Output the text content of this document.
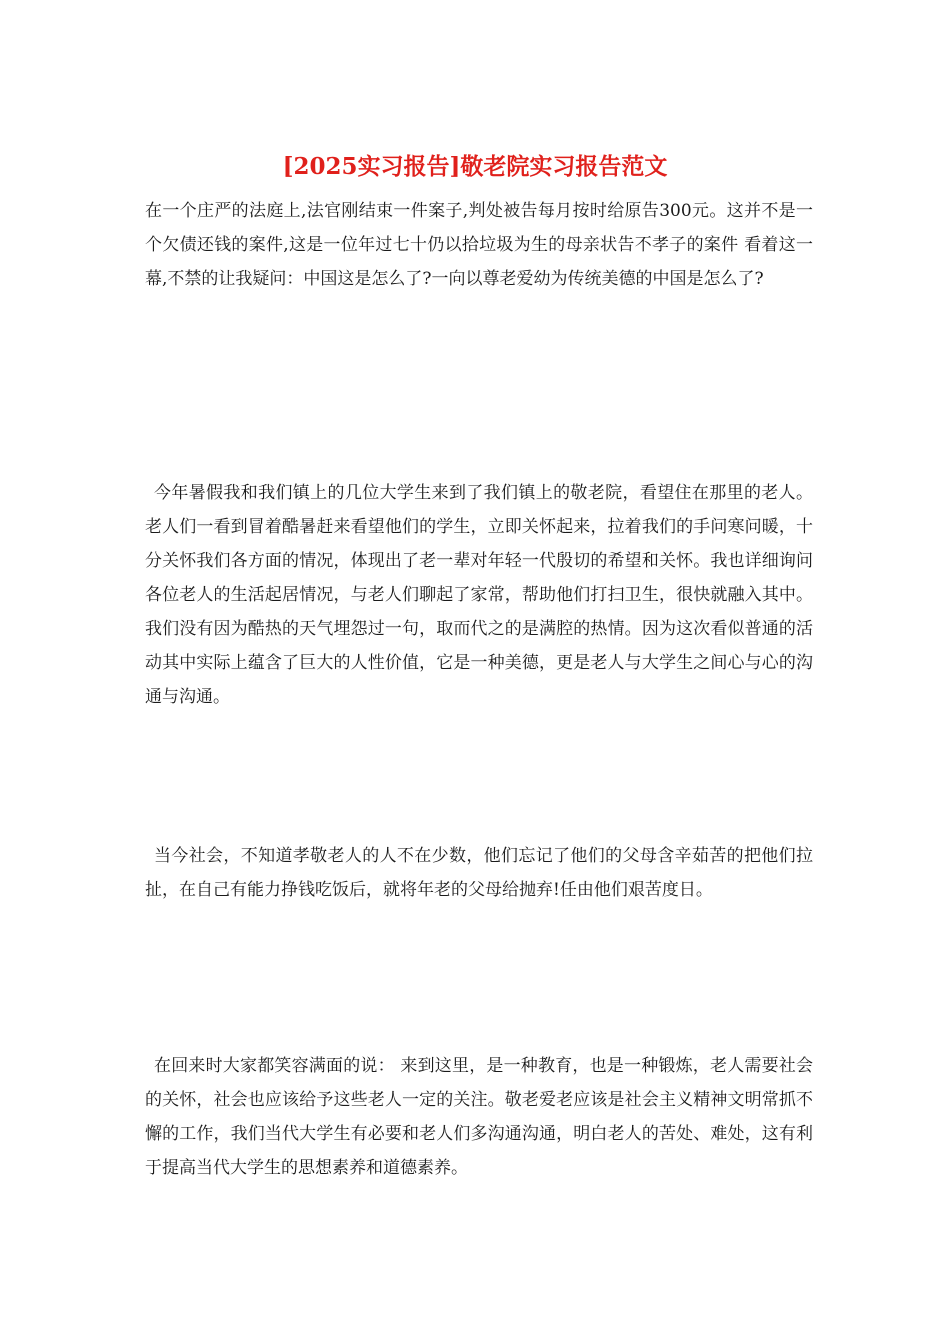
[2025实习报告]敬老院实习报告范文

在一个庄严的法庭上,法官刚结束一件案子,判处被告每月按时给原告300元。这并不是一个欠债还钱的案件,这是一位年过七十仍以拾垃圾为生的母亲状告不孝子的案件 看着这一幕,不禁的让我疑问：中国这是怎么了?一向以尊老爱幼为传统美德的中国是怎么了?

今年暑假我和我们镇上的几位大学生来到了我们镇上的敬老院，看望住在那里的老人。老人们一看到冒着酷暑赶来看望他们的学生，立即关怀起来，拉着我们的手问寒问暖，十分关怀我们各方面的情况，体现出了老一辈对年轻一代殷切的希望和关怀。我也详细询问各位老人的生活起居情况，与老人们聊起了家常，帮助他们打扫卫生，很快就融入其中。我们没有因为酷热的天气埋怨过一句，取而代之的是满腔的热情。因为这次看似普通的活动其中实际上蕴含了巨大的人性价值，它是一种美德，更是老人与大学生之间心与心的沟通与沟通。

当今社会，不知道孝敬老人的人不在少数，他们忘记了他们的父母含辛茹苦的把他们拉扯，在自己有能力挣钱吃饭后，就将年老的父母给抛弃!任由他们艰苦度日。

在回来时大家都笑容满面的说： 来到这里，是一种教育，也是一种锻炼，老人需要社会的关怀，社会也应该给予这些老人一定的关注。敬老爱老应该是社会主义精神文明常抓不懈的工作，我们当代大学生有必要和老人们多沟通沟通，明白老人的苦处、难处，这有利于提高当代大学生的思想素养和道德素养。
